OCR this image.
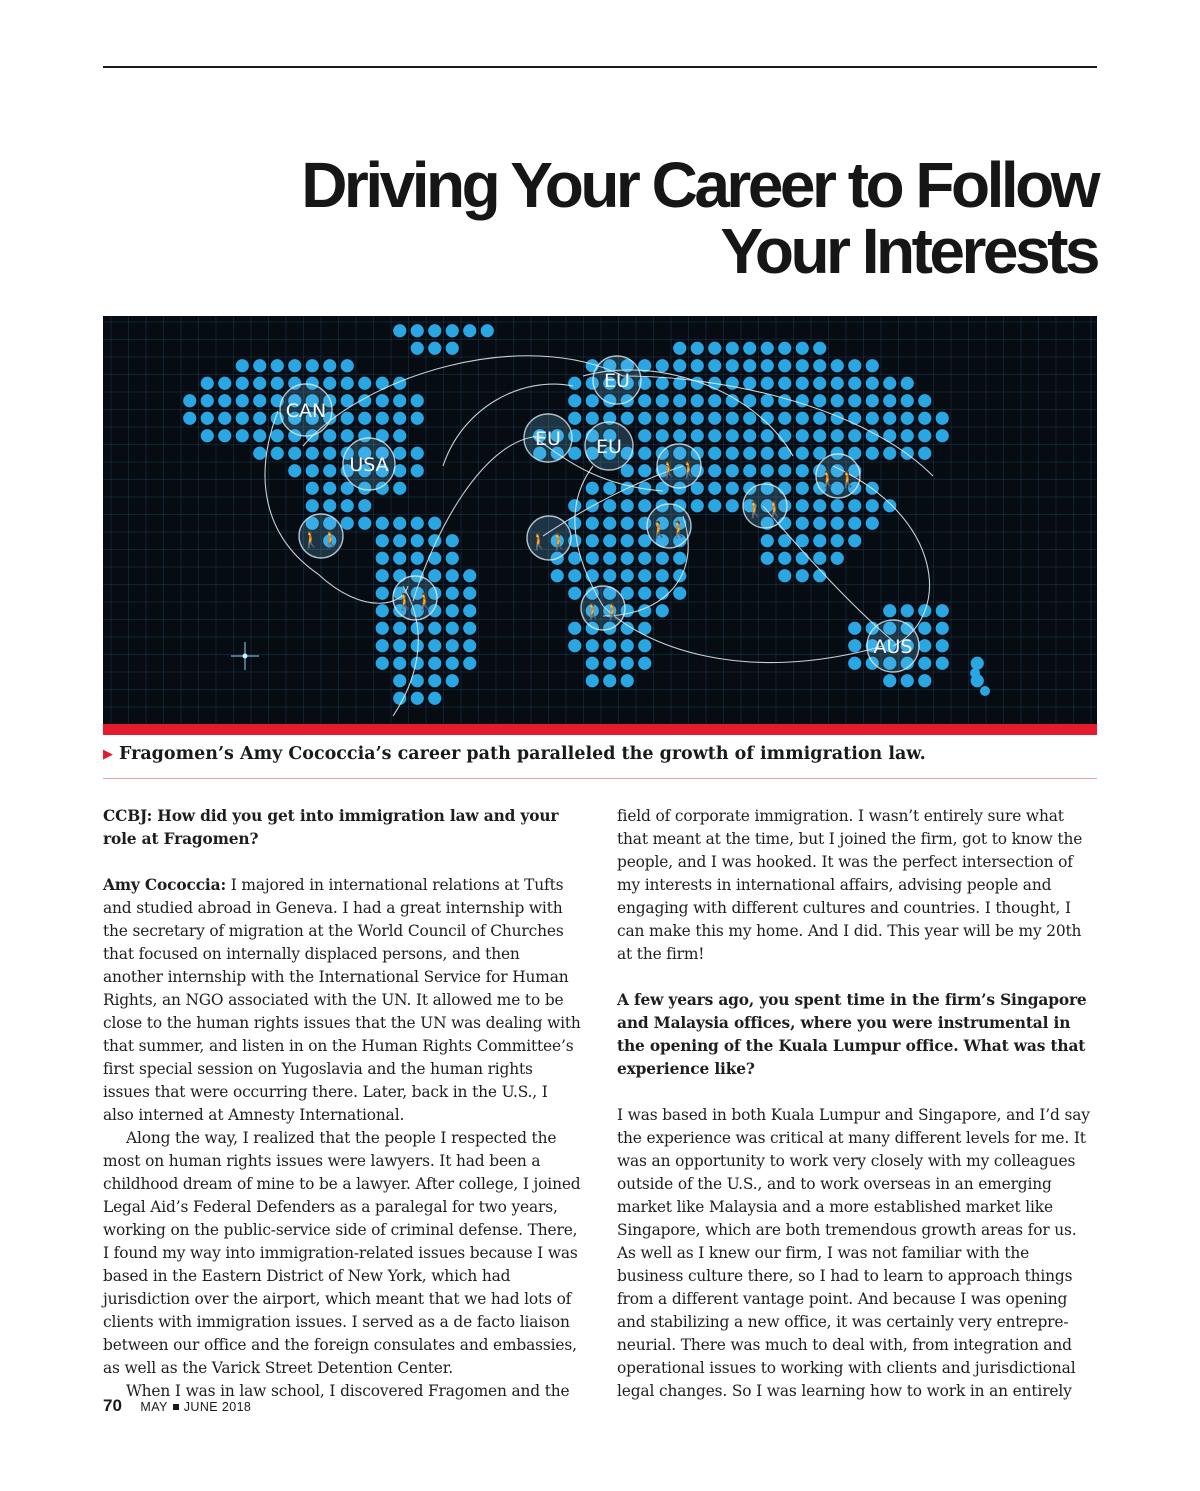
Driving Your Career to Follow
Your Interests
CAN
USA
EU
EU EU
AUS
🚶🚶
🚶🚶
🚶🚶
🚶🚶
🚶🚶
🚶🚶
🚶🚶
🚶🚶
▶ Fragomen’s Amy Cococcia’s career path paralleled the growth of immigration law.

CCBJ: How did you get into immigration law and your role at Fragomen?

Amy Cococcia: I majored in international relations at Tufts and studied abroad in Geneva. I had a great internship with the secretary of migration at the World Council of Churches that focused on internally displaced persons, and then another internship with the International Service for Human Rights, an NGO associated with the UN. It allowed me to be close to the human rights issues that the UN was dealing with that summer, and listen in on the Human Rights Committee’s first special session on Yugoslavia and the human rights issues that were occurring there. Later, back in the U.S., I also interned at Amnesty International.

Along the way, I realized that the people I respected the most on human rights issues were lawyers. It had been a childhood dream of mine to be a lawyer. After college, I joined Legal Aid’s Federal Defenders as a paralegal for two years, working on the public-service side of criminal defense. There, I found my way into immigration-related issues because I was based in the Eastern District of New York, which had jurisdiction over the airport, which meant that we had lots of clients with immigration issues. I served as a de facto liaison between our office and the foreign consulates and embassies, as well as the Varick Street Detention Center.

When I was in law school, I discovered Fragomen and the

field of corporate immigration. I wasn’t entirely sure what that meant at the time, but I joined the firm, got to know the people, and I was hooked. It was the perfect intersection of my interests in international affairs, advising people and engaging with different cultures and countries. I thought, I can make this my home. And I did. This year will be my 20th at the firm!

A few years ago, you spent time in the firm’s Singapore and Malaysia offices, where you were instrumental in the opening of the Kuala Lumpur office. What was that experience like?

I was based in both Kuala Lumpur and Singapore, and I’d say the experience was critical at many different levels for me. It was an opportunity to work very closely with my colleagues outside of the U.S., and to work overseas in an emerging market like Malaysia and a more established market like Singapore, which are both tremendous growth areas for us. As well as I knew our firm, I was not familiar with the business culture there, so I had to learn to approach things from a different vantage point. And because I was opening and stabilizing a new office, it was certainly very entrepreneurial. There was much to deal with, from integration and operational issues to working with clients and jurisdictional legal changes. So I was learning how to work in an entirely

70 MAY JUNE 2018
